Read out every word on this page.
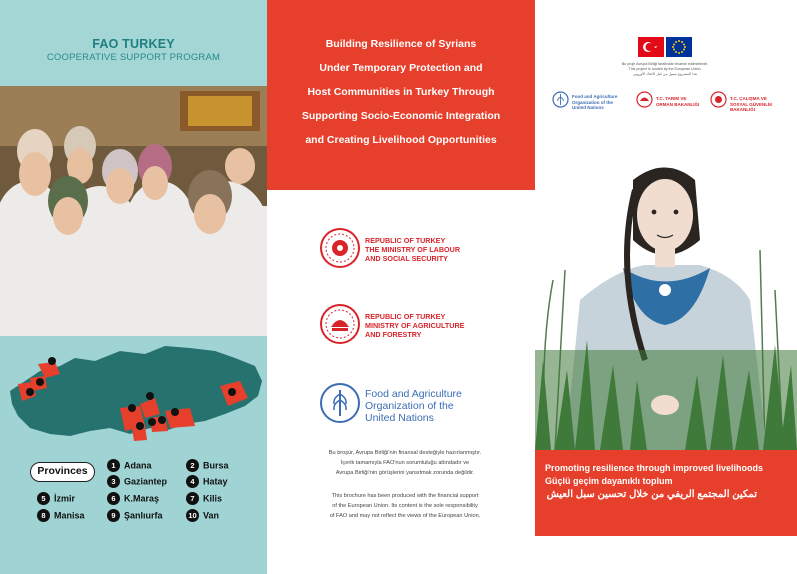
FAO TURKEY
COOPERATIVE SUPPORT PROGRAM
Provinces	1 Adana	2 Bursa
3 Gaziantep	4 Hatay
5 İzmir	6 K.Maraş	7 Kilis
8 Manisa	9 Şanlıurfa	10 Van
Building Resilience of Syrians
Under Temporary Protection and
Host Communities in Turkey Through
Supporting Socio-Economic Integration
and Creating Livelihood Opportunities
REPUBLIC OF TURKEY
THE MINISTRY OF LABOUR
AND SOCIAL SECURITY
REPUBLIC OF TURKEY
MINISTRY OF AGRICULTURE
AND FORESTRY
Food and Agriculture
Organization of the
United Nations
Bu broşür, Avrupa Birliği'nin finansal desteğiyle hazırlanmıştır.
İçerik tamamıyla FAO'nun sorumluluğu altındadır ve
Avrupa Birliği'nin görüşlerini yansıtmak zorunda değildir.
This brochure has been produced with the financial support
of the European Union. Its content is the sole responsibility
of FAO and may not reflect the views of the European Union.
Bu proje Avrupa Birliği tarafından finanse edilmektedir.
This project is funded by the European Union.
هذا المشروع ممول من قبل الاتحاد الأوروبي
Food and Agriculture
Organization of the
United Nations
T.C. TARIM VE
ORMAN BAKANLIĞI
T.C. ÇALIŞMA VE
SOSYAL GÜVENLİK BAKANLIĞI
Promoting resilience through improved livelihoods
Güçlü geçim dayanıklı toplum
تمكين المجتمع الريفي من خلال تحسين سبل العيش
